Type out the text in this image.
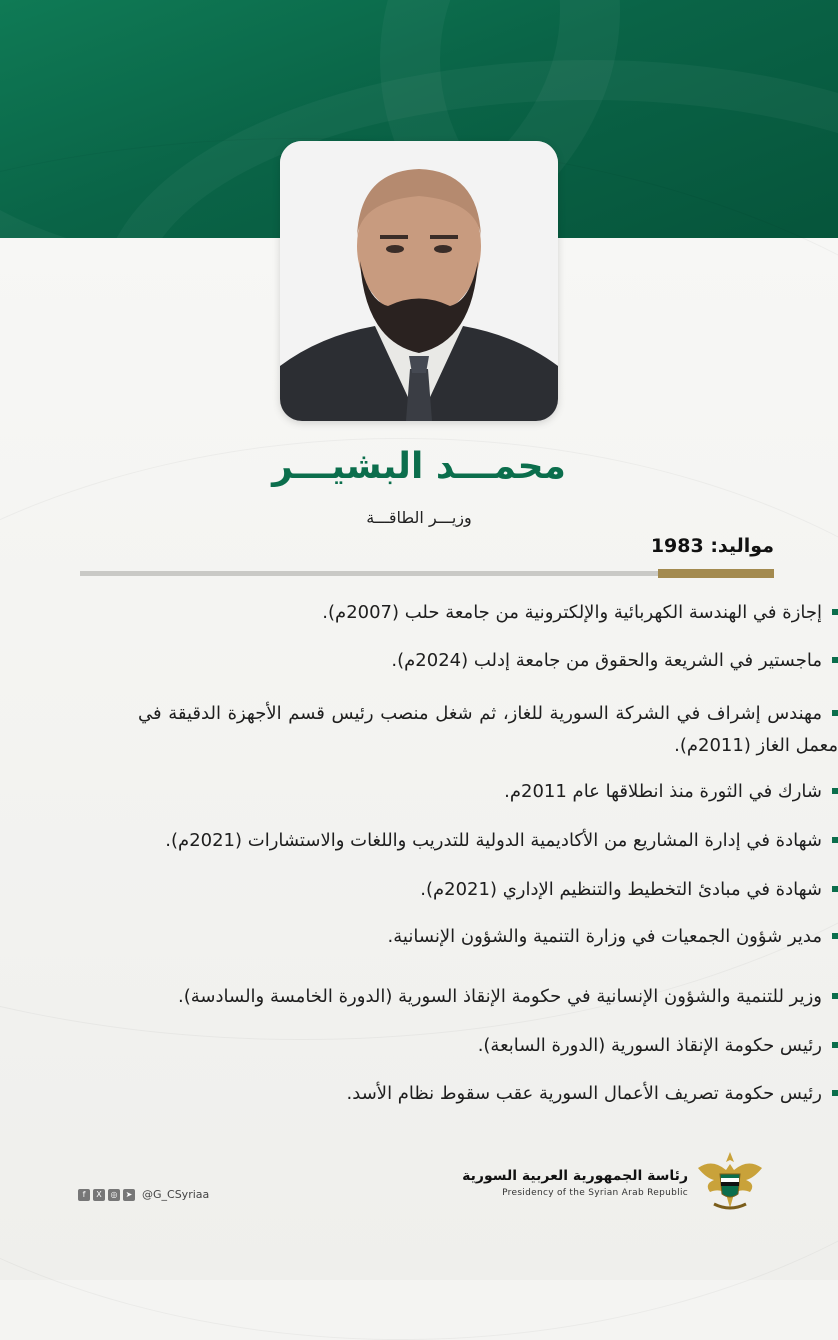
محمـــد البشيـــر
وزيـــر الطاقـــة
مواليد: 1983
إجازة في الهندسة الكهربائية والإلكترونية من جامعة حلب (2007م).
ماجستير في الشريعة والحقوق من جامعة إدلب (2024م).
مهندس إشراف في الشركة السورية للغاز، ثم شغل منصب رئيس قسم الأجهزة الدقيقة في معمل الغاز (2011م).
شارك في الثورة منذ انطلاقها عام 2011م.
شهادة في إدارة المشاريع من الأكاديمية الدولية للتدريب واللغات والاستشارات (2021م).
شهادة في مبادئ التخطيط والتنظيم الإداري (2021م).
مدير شؤون الجمعيات في وزارة التنمية والشؤون الإنسانية.
وزير للتنمية والشؤون الإنسانية في حكومة الإنقاذ السورية (الدورة الخامسة والسادسة).
رئيس حكومة الإنقاذ السورية (الدورة السابعة).
رئيس حكومة تصريف الأعمال السورية عقب سقوط نظام الأسد.
f	X	◎	➤ @G_CSyriaa
رئاسة الجمهورية العربية السورية
Presidency of the Syrian Arab Republic
